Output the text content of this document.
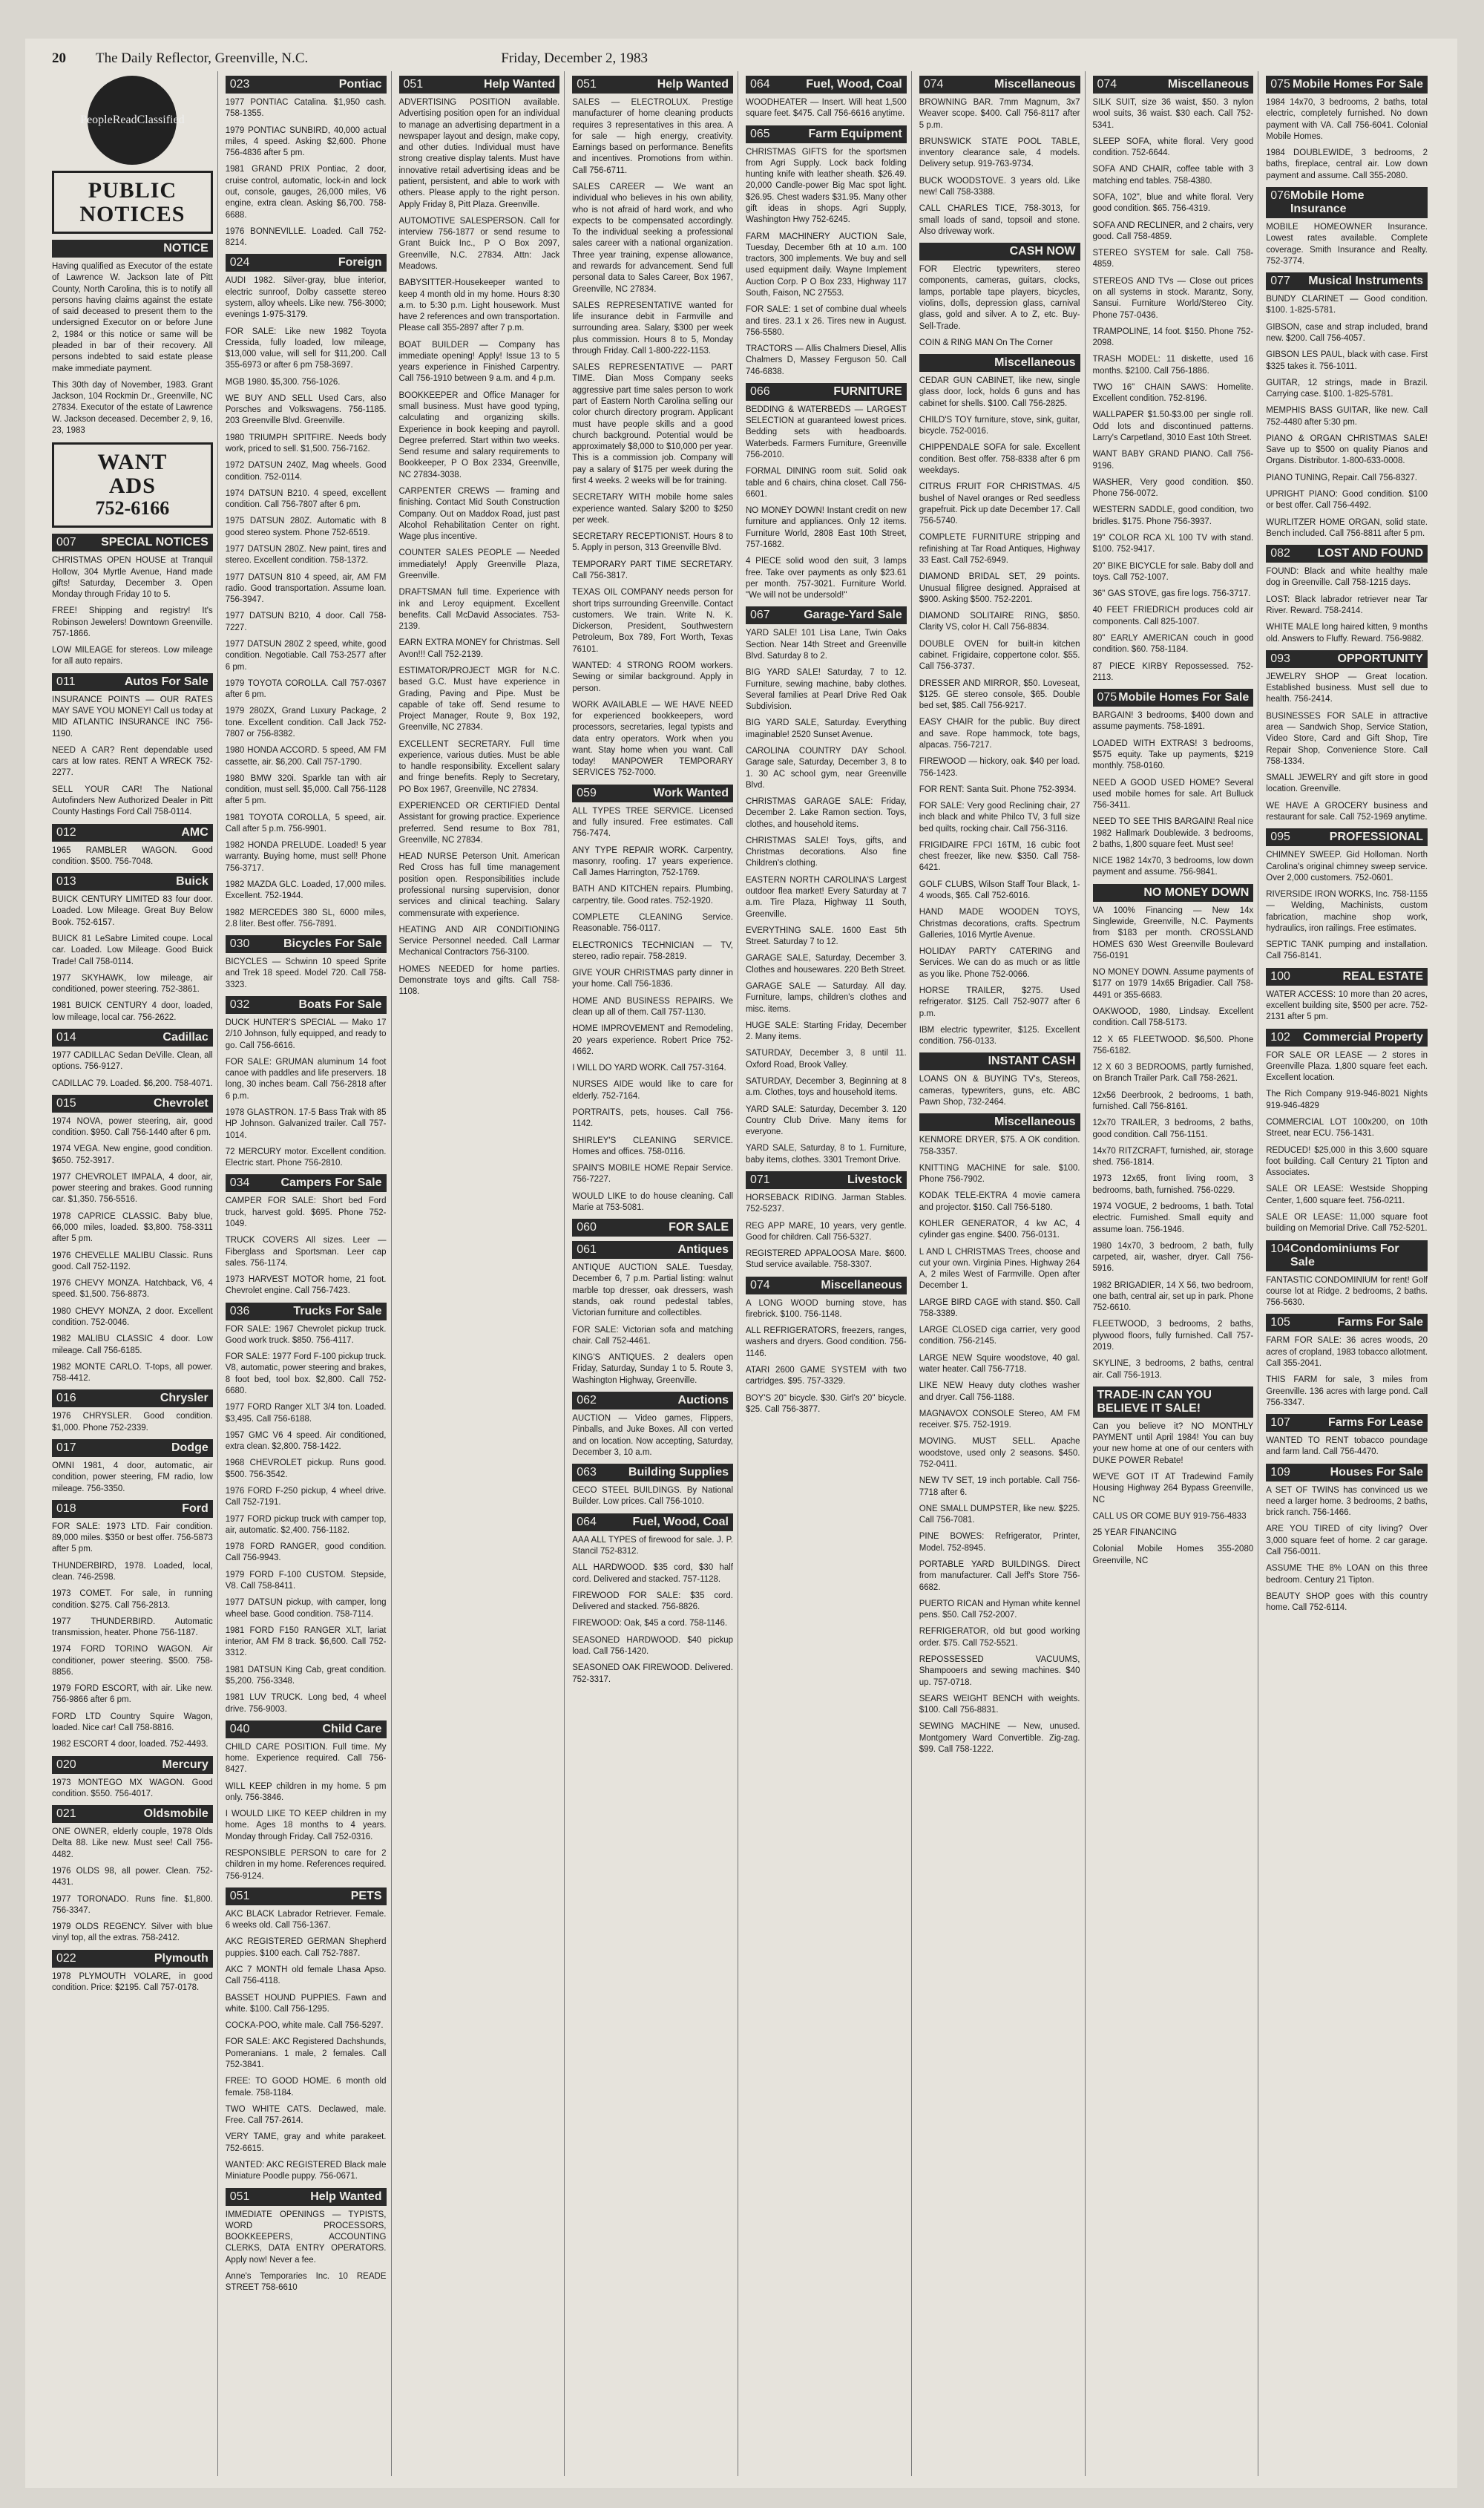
20 The Daily Reflector, Greenville, N.C.	Friday, December 2, 1983
People Read Classified
PUBLIC NOTICES
NOTICE

Having qualified as Executor of the estate of Lawrence W. Jackson late of Pitt County, North Carolina, this is to notify all persons having claims against the estate of said deceased to present them to the undersigned Executor on or before June 2, 1984 or this notice or same will be pleaded in bar of their recovery. All persons indebted to said estate please make immediate payment.

This 30th day of November, 1983. Grant Jackson, 104 Rockmin Dr., Greenville, NC 27834. Executor of the estate of Lawrence W. Jackson deceased. December 2, 9, 16, 23, 1983

WANT
ADS
752-6166
007 SPECIAL NOTICES

CHRISTMAS OPEN HOUSE at Tranquil Hollow, 304 Myrtle Avenue, Hand made gifts! Saturday, December 3. Open Monday through Friday 10 to 5.

FREE! Shipping and registry! It's Robinson Jewelers! Downtown Greenville. 757-1866.

LOW MILEAGE for stereos. Low mileage for all auto repairs.

011	Autos For Sale

INSURANCE POINTS — OUR RATES MAY SAVE YOU MONEY! Call us today at MID ATLANTIC INSURANCE INC 756-1190.

NEED A CAR? Rent dependable used cars at low rates. RENT A WRECK 752-2277.

SELL YOUR CAR! The National Autofinders New Authorized Dealer in Pitt County Hastings Ford Call 758-0114.

012	AMC

1965 RAMBLER WAGON. Good condition. $500. 756-7048.

013	Buick

BUICK CENTURY LIMITED 83 four door. Loaded. Low Mileage. Great Buy Below Book. 752-6157.

BUICK 81 LeSabre Limited coupe. Local car. Loaded. Low Mileage. Good Buick Trade! Call 758-0114.

1977 SKYHAWK, low mileage, air conditioned, power steering. 752-3861.

1981 BUICK CENTURY 4 door, loaded, low mileage, local car. 756-2622.

014	Cadillac

1977 CADILLAC Sedan DeVille. Clean, all options. 756-9127.

CADILLAC 79. Loaded. $6,200. 758-4071.

015	Chevrolet

1974 NOVA, power steering, air, good condition. $950. Call 756-1440 after 6 pm.

1974 VEGA. New engine, good condition. $650. 752-3917.

1977 CHEVROLET IMPALA, 4 door, air, power steering and brakes. Good running car. $1,350. 756-5516.

1978 CAPRICE CLASSIC. Baby blue, 66,000 miles, loaded. $3,800. 758-3311 after 5 pm.

1976 CHEVELLE MALIBU Classic. Runs good. Call 752-1192.

1976 CHEVY MONZA. Hatchback, V6, 4 speed. $1,500. 756-8873.

1980 CHEVY MONZA, 2 door. Excellent condition. 752-0046.

1982 MALIBU CLASSIC 4 door. Low mileage. Call 756-6185.

1982 MONTE CARLO. T-tops, all power. 758-4412.

016	Chrysler

1976 CHRYSLER. Good condition. $1,000. Phone 752-2339.

017	Dodge

OMNI 1981, 4 door, automatic, air condition, power steering, FM radio, low mileage. 756-3350.

018	Ford

FOR SALE: 1973 LTD. Fair condition. 89,000 miles. $350 or best offer. 756-5873 after 5 pm.

THUNDERBIRD, 1978. Loaded, local, clean. 746-2598.

1973 COMET. For sale, in running condition. $275. Call 756-2813.

1977 THUNDERBIRD. Automatic transmission, heater. Phone 756-1187.

1974 FORD TORINO WAGON. Air conditioner, power steering. $500. 758-8856.

1979 FORD ESCORT, with air. Like new. 756-9866 after 6 pm.

FORD LTD Country Squire Wagon, loaded. Nice car! Call 758-8816.

1982 ESCORT 4 door, loaded. 752-4493.

020	Mercury

1973 MONTEGO MX WAGON. Good condition. $550. 756-4017.

021	Oldsmobile

ONE OWNER, elderly couple, 1978 Olds Delta 88. Like new. Must see! Call 756-4482.

1976 OLDS 98, all power. Clean. 752-4431.

1977 TORONADO. Runs fine. $1,800. 756-3347.

1979 OLDS REGENCY. Silver with blue vinyl top, all the extras. 758-2412.

022	Plymouth

1978 PLYMOUTH VOLARE, in good condition. Price: $2195. Call 757-0178.

023	Pontiac

1977 PONTIAC Catalina. $1,950 cash. 758-1355.

1979 PONTIAC SUNBIRD, 40,000 actual miles, 4 speed. Asking $2,600. Phone 756-4836 after 5 pm.

1981 GRAND PRIX Pontiac, 2 door, cruise control, automatic, lock-in and lock out, console, gauges, 26,000 miles, V6 engine, extra clean. Asking $6,700. 758-6688.

1976 BONNEVILLE. Loaded. Call 752-8214.

024	Foreign

AUDI 1982. Silver-gray, blue interior, electric sunroof, Dolby cassette stereo system, alloy wheels. Like new. 756-3000; evenings 1-975-3179.

FOR SALE: Like new 1982 Toyota Cressida, fully loaded, low mileage, $13,000 value, will sell for $11,200. Call 355-6973 or after 6 pm 758-3697.

MGB 1980. $5,300. 756-1026.

WE BUY AND SELL Used Cars, also Porsches and Volkswagens. 756-1185. 203 Greenville Blvd. Greenville.

1980 TRIUMPH SPITFIRE. Needs body work, priced to sell. $1,500. 756-7162.

1972 DATSUN 240Z, Mag wheels. Good condition. 752-0114.

1974 DATSUN B210. 4 speed, excellent condition. Call 756-7807 after 6 pm.

1975 DATSUN 280Z. Automatic with 8 good stereo system. Phone 752-6519.

1977 DATSUN 280Z. New paint, tires and stereo. Excellent condition. 758-1372.

1977 DATSUN 810 4 speed, air, AM FM radio. Good transportation. Assume loan. 756-3947.

1977 DATSUN B210, 4 door. Call 758-7227.

1977 DATSUN 280Z 2 speed, white, good condition. Negotiable. Call 753-2577 after 6 pm.

1979 TOYOTA COROLLA. Call 757-0367 after 6 pm.

1979 280ZX, Grand Luxury Package, 2 tone. Excellent condition. Call Jack 752-7807 or 756-8382.

1980 HONDA ACCORD. 5 speed, AM FM cassette, air. $6,200. Call 757-1790.

1980 BMW 320i. Sparkle tan with air condition, must sell. $5,000. Call 756-1128 after 5 pm.

1981 TOYOTA COROLLA, 5 speed, air. Call after 5 p.m. 756-9901.

1982 HONDA PRELUDE. Loaded! 5 year warranty. Buying home, must sell! Phone 756-3717.

1982 MAZDA GLC. Loaded, 17,000 miles. Excellent. 752-1944.

1982 MERCEDES 380 SL, 6000 miles, 2.8 liter. Best offer. 756-7891.

030	Bicycles For Sale

BICYCLES — Schwinn 10 speed Sprite and Trek 18 speed. Model 720. Call 758-3323.

032	Boats For Sale

DUCK HUNTER'S SPECIAL — Mako 17 2/10 Johnson, fully equipped, and ready to go. Call 756-6616.

FOR SALE: GRUMAN aluminum 14 foot canoe with paddles and life preservers. 18 long, 30 inches beam. Call 756-2818 after 6 p.m.

1978 GLASTRON. 17-5 Bass Trak with 85 HP Johnson. Galvanized trailer. Call 757-1014.

72 MERCURY motor. Excellent condition. Electric start. Phone 756-2810.

034	Campers For Sale

CAMPER FOR SALE: Short bed Ford truck, harvest gold. $695. Phone 752-1049.

TRUCK COVERS All sizes. Leer — Fiberglass and Sportsman. Leer cap sales. 756-1174.

1973 HARVEST MOTOR home, 21 foot. Chevrolet engine. Call 756-7423.

036	Trucks For Sale

FOR SALE: 1967 Chevrolet pickup truck. Good work truck. $850. 756-4117.

FOR SALE: 1977 Ford F-100 pickup truck. V8, automatic, power steering and brakes, 8 foot bed, tool box. $2,800. Call 752-6680.

1977 FORD Ranger XLT 3/4 ton. Loaded. $3,495. Call 756-6188.

1957 GMC V6 4 speed. Air conditioned, extra clean. $2,800. 758-1422.

1968 CHEVROLET pickup. Runs good. $500. 756-3542.

1976 FORD F-250 pickup, 4 wheel drive. Call 752-7191.

1977 FORD pickup truck with camper top, air, automatic. $2,400. 756-1182.

1978 FORD RANGER, good condition. Call 756-9943.

1979 FORD F-100 CUSTOM. Stepside, V8. Call 758-8411.

1977 DATSUN pickup, with camper, long wheel base. Good condition. 758-7114.

1981 FORD F150 RANGER XLT, lariat interior, AM FM 8 track. $6,600. Call 752-3312.

1981 DATSUN King Cab, great condition. $5,200. 756-3348.

1981 LUV TRUCK. Long bed, 4 wheel drive. 756-9003.

040	Child Care

CHILD CARE POSITION. Full time. My home. Experience required. Call 756-8427.

WILL KEEP children in my home. 5 pm only. 756-3846.

I WOULD LIKE TO KEEP children in my home. Ages 18 months to 4 years. Monday through Friday. Call 752-0316.

RESPONSIBLE PERSON to care for 2 children in my home. References required. 756-9124.

051	PETS

AKC BLACK Labrador Retriever. Female. 6 weeks old. Call 756-1367.

AKC REGISTERED GERMAN Shepherd puppies. $100 each. Call 752-7887.

AKC 7 MONTH old female Lhasa Apso. Call 756-4118.

BASSET HOUND PUPPIES. Fawn and white. $100. Call 756-1295.

COCKA-POO, white male. Call 756-5297.

FOR SALE: AKC Registered Dachshunds, Pomeranians. 1 male, 2 females. Call 752-3841.

FREE: TO GOOD HOME. 6 month old female. 758-1184.

TWO WHITE CATS. Declawed, male. Free. Call 757-2614.

VERY TAME, gray and white parakeet. 752-6615.

WANTED: AKC REGISTERED Black male Miniature Poodle puppy. 756-0671.

051	Help Wanted

IMMEDIATE OPENINGS — TYPISTS, WORD PROCESSORS, BOOKKEEPERS, ACCOUNTING CLERKS, DATA ENTRY OPERATORS. Apply now! Never a fee.

Anne's Temporaries Inc. 10 READE STREET 758-6610

051	Help Wanted

ADVERTISING POSITION available. Advertising position open for an individual to manage an advertising department in a newspaper layout and design, make copy, and other duties. Individual must have strong creative display talents. Must have innovative retail advertising ideas and be patient, persistent, and able to work with others. Please apply to the right person. Apply Friday 8, Pitt Plaza. Greenville.

AUTOMOTIVE SALESPERSON. Call for interview 756-1877 or send resume to Grant Buick Inc., P O Box 2097, Greenville, N.C. 27834. Attn: Jack Meadows.

BABYSITTER-Housekeeper wanted to keep 4 month old in my home. Hours 8:30 a.m. to 5:30 p.m. Light housework. Must have 2 references and own transportation. Please call 355-2897 after 7 p.m.

BOAT BUILDER — Company has immediate opening! Apply! Issue 13 to 5 years experience in Finished Carpentry. Call 756-1910 between 9 a.m. and 4 p.m.

BOOKKEEPER and Office Manager for small business. Must have good typing, calculating and organizing skills. Experience in book keeping and payroll. Degree preferred. Start within two weeks. Send resume and salary requirements to Bookkeeper, P O Box 2334, Greenville, NC 27834-3038.

CARPENTER CREWS — framing and finishing. Contact Mid South Construction Company. Out on Maddox Road, just past Alcohol Rehabilitation Center on right. Wage plus incentive.

COUNTER SALES PEOPLE — Needed immediately! Apply Greenville Plaza, Greenville.

DRAFTSMAN full time. Experience with ink and Leroy equipment. Excellent benefits. Call McDavid Associates. 753-2139.

EARN EXTRA MONEY for Christmas. Sell Avon!!! Call 752-2139.

ESTIMATOR/PROJECT MGR for N.C. based G.C. Must have experience in Grading, Paving and Pipe. Must be capable of take off. Send resume to Project Manager, Route 9, Box 192, Greenville, NC 27834.

EXCELLENT SECRETARY. Full time experience, various duties. Must be able to handle responsibility. Excellent salary and fringe benefits. Reply to Secretary, PO Box 1967, Greenville, NC 27834.

EXPERIENCED OR CERTIFIED Dental Assistant for growing practice. Experience preferred. Send resume to Box 781, Greenville, NC 27834.

HEAD NURSE Peterson Unit. American Red Cross has full time management position open. Responsibilities include professional nursing supervision, donor services and clinical teaching. Salary commensurate with experience.

HEATING AND AIR CONDITIONING Service Personnel needed. Call Larmar Mechanical Contractors 756-3100.

HOMES NEEDED for home parties. Demonstrate toys and gifts. Call 758-1108.

051	Help Wanted

SALES — ELECTROLUX. Prestige manufacturer of home cleaning products requires 3 representatives in this area. A for sale — high energy, creativity. Earnings based on performance. Benefits and incentives. Promotions from within. Call 756-6711.

SALES CAREER — We want an individual who believes in his own ability, who is not afraid of hard work, and who expects to be compensated accordingly. To the individual seeking a professional sales career with a national organization. Three year training, expense allowance, and rewards for advancement. Send full personal data to Sales Career, Box 1967, Greenville, NC 27834.

SALES REPRESENTATIVE wanted for life insurance debit in Farmville and surrounding area. Salary, $300 per week plus commission. Hours 8 to 5, Monday through Friday. Call 1-800-222-1153.

SALES REPRESENTATIVE — PART TIME. Dian Moss Company seeks aggressive part time sales person to work part of Eastern North Carolina selling our color church directory program. Applicant must have people skills and a good church background. Potential would be approximately $8,000 to $10,000 per year. This is a commission job. Company will pay a salary of $175 per week during the first 4 weeks. 2 weeks will be for training.

SECRETARY WITH mobile home sales experience wanted. Salary $200 to $250 per week.

SECRETARY RECEPTIONIST. Hours 8 to 5. Apply in person, 313 Greenville Blvd.

TEMPORARY PART TIME SECRETARY. Call 756-3817.

TEXAS OIL COMPANY needs person for short trips surrounding Greenville. Contact customers. We train. Write N. K. Dickerson, President, Southwestern Petroleum, Box 789, Fort Worth, Texas 76101.

WANTED: 4 STRONG ROOM workers. Sewing or similar background. Apply in person.

WORK AVAILABLE — WE HAVE NEED for experienced bookkeepers, word processors, secretaries, legal typists and data entry operators. Work when you want. Stay home when you want. Call today! MANPOWER TEMPORARY SERVICES 752-7000.

059	Work Wanted

ALL TYPES TREE SERVICE. Licensed and fully insured. Free estimates. Call 756-7474.

ANY TYPE REPAIR WORK. Carpentry, masonry, roofing. 17 years experience. Call James Harrington, 752-1769.

BATH AND KITCHEN repairs. Plumbing, carpentry, tile. Good rates. 752-1920.

COMPLETE CLEANING Service. Reasonable. 756-0117.

ELECTRONICS TECHNICIAN — TV, stereo, radio repair. 758-2819.

GIVE YOUR CHRISTMAS party dinner in your home. Call 756-1836.

HOME AND BUSINESS REPAIRS. We clean up all of them. Call 757-1130.

HOME IMPROVEMENT and Remodeling, 20 years experience. Robert Price 752-4662.

I WILL DO YARD WORK. Call 757-3164.

NURSES AIDE would like to care for elderly. 752-7164.

PORTRAITS, pets, houses. Call 756-1142.

SHIRLEY'S CLEANING SERVICE. Homes and offices. 758-0116.

SPAIN'S MOBILE HOME Repair Service. 756-7227.

WOULD LIKE to do house cleaning. Call Marie at 753-5081.

060	FOR SALE
061	Antiques

ANTIQUE AUCTION SALE. Tuesday, December 6, 7 p.m. Partial listing: walnut marble top dresser, oak dressers, wash stands, oak round pedestal tables, Victorian furniture and collectibles.

FOR SALE: Victorian sofa and matching chair. Call 752-4461.

KING'S ANTIQUES. 2 dealers open Friday, Saturday, Sunday 1 to 5. Route 3, Washington Highway, Greenville.

062	Auctions

AUCTION — Video games, Flippers, Pinballs, and Juke Boxes. All con verted and on location. Now accepting, Saturday, December 3, 10 a.m.

063	Building Supplies

CECO STEEL BUILDINGS. By National Builder. Low prices. Call 756-1010.

064	Fuel, Wood, Coal

AAA ALL TYPES of firewood for sale. J. P. Stancil 752-8312.

ALL HARDWOOD. $35 cord, $30 half cord. Delivered and stacked. 757-1128.

FIREWOOD FOR SALE: $35 cord. Delivered and stacked. 756-8826.

FIREWOOD: Oak, $45 a cord. 758-1146.

SEASONED HARDWOOD. $40 pickup load. Call 756-1420.

SEASONED OAK FIREWOOD. Delivered. 752-3317.

064	Fuel, Wood, Coal

WOODHEATER — Insert. Will heat 1,500 square feet. $475. Call 756-6616 anytime.

065	Farm Equipment

CHRISTMAS GIFTS for the sportsmen from Agri Supply. Lock back folding hunting knife with leather sheath. $26.49. 20,000 Candle-power Big Mac spot light. $26.95. Chest waders $31.95. Many other gift ideas in shops. Agri Supply, Washington Hwy 752-6245.

FARM MACHINERY AUCTION Sale, Tuesday, December 6th at 10 a.m. 100 tractors, 300 implements. We buy and sell used equipment daily. Wayne Implement Auction Corp. P O Box 233, Highway 117 South, Faison, NC 27553.

FOR SALE: 1 set of combine dual wheels and tires. 23.1 x 26. Tires new in August. 756-5580.

TRACTORS — Allis Chalmers Diesel, Allis Chalmers D, Massey Ferguson 50. Call 746-6838.

066	FURNITURE

BEDDING & WATERBEDS — LARGEST SELECTION at guaranteed lowest prices. Bedding sets with headboards. Waterbeds. Farmers Furniture, Greenville 756-2010.

FORMAL DINING room suit. Solid oak table and 6 chairs, china closet. Call 756-6601.

NO MONEY DOWN! Instant credit on new furniture and appliances. Only 12 items. Furniture World, 2808 East 10th Street, 757-1682.

4 PIECE solid wood den suit, 3 lamps free. Take over payments as only $23.61 per month. 757-3021. Furniture World. "We will not be undersold!"

067	Garage-Yard Sale

YARD SALE! 101 Lisa Lane, Twin Oaks Section. Near 14th Street and Greenville Blvd. Saturday 8 to 2.

BIG YARD SALE! Saturday, 7 to 12. Furniture, sewing machine, baby clothes. Several families at Pearl Drive Red Oak Subdivision.

BIG YARD SALE, Saturday. Everything imaginable! 2520 Sunset Avenue.

CAROLINA COUNTRY DAY School. Garage sale, Saturday, December 3, 8 to 1. 30 AC school gym, near Greenville Blvd.

CHRISTMAS GARAGE SALE: Friday, December 2. Lake Ramon section. Toys, clothes, and household items.

CHRISTMAS SALE! Toys, gifts, and Christmas decorations. Also fine Children's clothing.

EASTERN NORTH CAROLINA'S Largest outdoor flea market! Every Saturday at 7 a.m. Tire Plaza, Highway 11 South, Greenville.

EVERYTHING SALE. 1600 East 5th Street. Saturday 7 to 12.

GARAGE SALE, Saturday, December 3. Clothes and housewares. 220 Beth Street.

GARAGE SALE — Saturday. All day. Furniture, lamps, children's clothes and misc. items.

HUGE SALE: Starting Friday, December 2. Many items.

SATURDAY, December 3, 8 until 11. Oxford Road, Brook Valley.

SATURDAY, December 3, Beginning at 8 a.m. Clothes, toys and household items.

YARD SALE: Saturday, December 3. 120 Country Club Drive. Many items for everyone.

YARD SALE, Saturday, 8 to 1. Furniture, baby items, clothes. 3301 Tremont Drive.

071	Livestock

HORSEBACK RIDING. Jarman Stables. 752-5237.

REG APP MARE, 10 years, very gentle. Good for children. Call 756-5327.

REGISTERED APPALOOSA Mare. $600. Stud service available. 758-3307.

074	Miscellaneous

A LONG WOOD burning stove, has firebrick. $100. 756-1148.

ALL REFRIGERATORS, freezers, ranges, washers and dryers. Good condition. 756-1146.

ATARI 2600 GAME SYSTEM with two cartridges. $95. 757-3329.

BOY'S 20" bicycle. $30. Girl's 20" bicycle. $25. Call 756-3877.

074	Miscellaneous

BROWNING BAR. 7mm Magnum, 3x7 Weaver scope. $400. Call 756-8117 after 5 p.m.

BRUNSWICK STATE POOL TABLE, inventory clearance sale, 4 models. Delivery setup. 919-763-9734.

BUCK WOODSTOVE. 3 years old. Like new! Call 758-3388.

CALL CHARLES TICE, 758-3013, for small loads of sand, topsoil and stone. Also driveway work.

CASH NOW

FOR Electric typewriters, stereo components, cameras, guitars, clocks, lamps, portable tape players, bicycles, violins, dolls, depression glass, carnival glass, gold and silver. A to Z, etc. Buy-Sell-Trade.

COIN & RING MAN On The Corner

Miscellaneous

CEDAR GUN CABINET, like new, single glass door, lock, holds 6 guns and has cabinet for shells. $100. Call 756-2825.

CHILD'S TOY furniture, stove, sink, guitar, bicycle. 752-0016.

CHIPPENDALE SOFA for sale. Excellent condition. Best offer. 758-8338 after 6 pm weekdays.

CITRUS FRUIT FOR CHRISTMAS. 4/5 bushel of Navel oranges or Red seedless grapefruit. Pick up date December 17. Call 756-5740.

COMPLETE FURNITURE stripping and refinishing at Tar Road Antiques, Highway 33 East. Call 752-6949.

DIAMOND BRIDAL SET, 29 points. Unusual filigree designed. Appraised at $900. Asking $500. 752-2201.

DIAMOND SOLITAIRE RING, $850. Clarity VS, color H. Call 756-8834.

DOUBLE OVEN for built-in kitchen cabinet. Frigidaire, coppertone color. $55. Call 756-3737.

DRESSER AND MIRROR, $50. Loveseat, $125. GE stereo console, $65. Double bed set, $85. Call 756-9217.

EASY CHAIR for the public. Buy direct and save. Rope hammock, tote bags, alpacas. 756-7217.

FIREWOOD — hickory, oak. $40 per load. 756-1423.

FOR RENT: Santa Suit. Phone 752-3934.

FOR SALE: Very good Reclining chair, 27 inch black and white Philco TV, 3 full size bed quilts, rocking chair. Call 756-3116.

FRIGIDAIRE FPCI 16TM, 16 cubic foot chest freezer, like new. $350. Call 758-6421.

GOLF CLUBS, Wilson Staff Tour Black, 1-4 woods, $65. Call 752-6016.

HAND MADE WOODEN TOYS, Christmas decorations, crafts. Spectrum Galleries, 1016 Myrtle Avenue.

HOLIDAY PARTY CATERING and Services. We can do as much or as little as you like. Phone 752-0066.

HORSE TRAILER, $275. Used refrigerator. $125. Call 752-9077 after 6 p.m.

IBM electric typewriter, $125. Excellent condition. 756-0133.

INSTANT CASH

LOANS ON & BUYING TV's, Stereos, cameras, typewriters, guns, etc. ABC Pawn Shop, 732-2464.

Miscellaneous

KENMORE DRYER, $75. A OK condition. 758-3357.

KNITTING MACHINE for sale. $100. Phone 756-7902.

KODAK TELE-EKTRA 4 movie camera and projector. $150. Call 756-5180.

KOHLER GENERATOR, 4 kw AC, 4 cylinder gas engine. $400. 756-0131.

L AND L CHRISTMAS Trees, choose and cut your own. Virginia Pines. Highway 264 A, 2 miles West of Farmville. Open after December 1.

LARGE BIRD CAGE with stand. $50. Call 758-3389.

LARGE CLOSED ciga carrier, very good condition. 756-2145.

LARGE NEW Squire woodstove, 40 gal. water heater. Call 756-7718.

LIKE NEW Heavy duty clothes washer and dryer. Call 756-1188.

MAGNAVOX CONSOLE Stereo, AM FM receiver. $75. 752-1919.

MOVING. MUST SELL. Apache woodstove, used only 2 seasons. $450. 752-0411.

NEW TV SET, 19 inch portable. Call 756-7718 after 6.

ONE SMALL DUMPSTER, like new. $225. Call 756-7081.

PINE BOWES: Refrigerator, Printer, Model. 752-8945.

PORTABLE YARD BUILDINGS. Direct from manufacturer. Call Jeff's Store 756-6682.

PUERTO RICAN and Hyman white kennel pens. $50. Call 752-2007.

REFRIGERATOR, old but good working order. $75. Call 752-5521.

REPOSSESSED VACUUMS, Shampooers and sewing machines. $40 up. 757-0718.

SEARS WEIGHT BENCH with weights. $100. Call 756-8831.

SEWING MACHINE — New, unused. Montgomery Ward Convertible. Zig-zag. $99. Call 758-1222.

074	Miscellaneous

SILK SUIT, size 36 waist, $50. 3 nylon wool suits, 36 waist. $30 each. Call 752-5341.

SLEEP SOFA, white floral. Very good condition. 752-6644.

SOFA AND CHAIR, coffee table with 3 matching end tables. 758-4380.

SOFA, 102", blue and white floral. Very good condition. $65. 756-4319.

SOFA AND RECLINER, and 2 chairs, very good. Call 758-4859.

STEREO SYSTEM for sale. Call 758-4859.

STEREOS AND TVs — Close out prices on all systems in stock. Marantz, Sony, Sansui. Furniture World/Stereo City. Phone 757-0436.

TRAMPOLINE, 14 foot. $150. Phone 752-2098.

TRASH MODEL: 11 diskette, used 16 months. $2100. Call 756-1886.

TWO 16" CHAIN SAWS: Homelite. Excellent condition. 752-8196.

WALLPAPER $1.50-$3.00 per single roll. Odd lots and discontinued patterns. Larry's Carpetland, 3010 East 10th Street.

WANT BABY GRAND PIANO. Call 756-9196.

WASHER, Very good condition. $50. Phone 756-0072.

WESTERN SADDLE, good condition, two bridles. $175. Phone 756-3937.

19" COLOR RCA XL 100 TV with stand. $100. 752-9417.

20" BIKE BICYCLE for sale. Baby doll and toys. Call 752-1007.

36" GAS STOVE, gas fire logs. 756-3717.

40 FEET FRIEDRICH produces cold air components. Call 825-1007.

80" EARLY AMERICAN couch in good condition. $60. 758-1184.

87 PIECE KIRBY Repossessed. 752-2113.

075 Mobile Homes For Sale

BARGAIN! 3 bedrooms, $400 down and assume payments. 758-1891.

LOADED WITH EXTRAS! 3 bedrooms, $575 equity. Take up payments, $219 monthly. 758-0160.

NEED A GOOD USED HOME? Several used mobile homes for sale. Art Bulluck 756-3411.

NEED TO SEE THIS BARGAIN! Real nice 1982 Hallmark Doublewide. 3 bedrooms, 2 baths, 1,800 square feet. Must see!

NICE 1982 14x70, 3 bedrooms, low down payment and assume. 756-9841.

NO MONEY DOWN

VA 100% Financing — New 14x Singlewide, Greenville, N.C. Payments from $183 per month. CROSSLAND HOMES 630 West Greenville Boulevard 756-0191

NO MONEY DOWN. Assume payments of $177 on 1979 14x65 Brigadier. Call 758-4491 or 355-6683.

OAKWOOD, 1980, Lindsay. Excellent condition. Call 758-5173.

12 X 65 FLEETWOOD. $6,500. Phone 756-6182.

12 X 60 3 BEDROOMS, partly furnished, on Branch Trailer Park. Call 758-2621.

12x56 Deerbrook, 2 bedrooms, 1 bath, furnished. Call 756-8161.

12x70 TRAILER, 3 bedrooms, 2 baths, good condition. Call 756-1151.

14x70 RITZCRAFT, furnished, air, storage shed. 756-1814.

1973 12x65, front living room, 3 bedrooms, bath, furnished. 756-0229.

1974 VOGUE, 2 bedrooms, 1 bath. Total electric. Furnished. Small equity and assume loan. 756-1946.

1980 14x70, 3 bedroom, 2 bath, fully carpeted, air, washer, dryer. Call 756-5916.

1982 BRIGADIER, 14 X 56, two bedroom, one bath, central air, set up in park. Phone 752-6610.

FLEETWOOD, 3 bedrooms, 2 baths, plywood floors, fully furnished. Call 757-2019.

SKYLINE, 3 bedrooms, 2 baths, central air. Call 756-1913.

TRADE-IN CAN YOU BELIEVE IT SALE!

Can you believe it? NO MONTHLY PAYMENT until April 1984! You can buy your new home at one of our centers with DUKE POWER Rebate!

WE'VE GOT IT AT Tradewind Family Housing Highway 264 Bypass Greenville, NC

CALL US OR COME BUY 919-756-4833

25 YEAR FINANCING

Colonial Mobile Homes 355-2080 Greenville, NC

075 Mobile Homes For Sale

1984 14x70, 3 bedrooms, 2 baths, total electric, completely furnished. No down payment with VA. Call 756-6041. Colonial Mobile Homes.

1984 DOUBLEWIDE, 3 bedrooms, 2 baths, fireplace, central air. Low down payment and assume. Call 355-2080.

076 Mobile Home Insurance

MOBILE HOMEOWNER Insurance. Lowest rates available. Complete coverage. Smith Insurance and Realty. 752-3774.

077 Musical Instruments

BUNDY CLARINET — Good condition. $100. 1-825-5781.

GIBSON, case and strap included, brand new. $200. Call 756-4057.

GIBSON LES PAUL, black with case. First $325 takes it. 756-1011.

GUITAR, 12 strings, made in Brazil. Carrying case. $100. 1-825-5781.

MEMPHIS BASS GUITAR, like new. Call 752-4480 after 5:30 pm.

PIANO & ORGAN CHRISTMAS SALE! Save up to $500 on quality Pianos and Organs. Distributor. 1-800-633-0008.

PIANO TUNING, Repair. Call 756-8327.

UPRIGHT PIANO: Good condition. $100 or best offer. Call 756-4492.

WURLITZER HOME ORGAN, solid state. Bench included. Call 756-8811 after 5 pm.

082 LOST AND FOUND

FOUND: Black and white healthy male dog in Greenville. Call 758-1215 days.

LOST: Black labrador retriever near Tar River. Reward. 758-2414.

WHITE MALE long haired kitten, 9 months old. Answers to Fluffy. Reward. 756-9882.

093	OPPORTUNITY

JEWELRY SHOP — Great location. Established business. Must sell due to health. 756-2414.

BUSINESSES FOR SALE in attractive area — Sandwich Shop, Service Station, Video Store, Card and Gift Shop, Tire Repair Shop, Convenience Store. Call 758-1334.

SMALL JEWELRY and gift store in good location. Greenville.

WE HAVE A GROCERY business and restaurant for sale. Call 752-1969 anytime.

095	PROFESSIONAL

CHIMNEY SWEEP. Gid Holloman. North Carolina's original chimney sweep service. Over 2,000 customers. 752-0601.

RIVERSIDE IRON WORKS, Inc. 758-1155 — Welding, Machinists, custom fabrication, machine shop work, hydraulics, iron railings. Free estimates.

SEPTIC TANK pumping and installation. Call 756-8141.

100	REAL ESTATE

WATER ACCESS: 10 more than 20 acres, excellent building site, $500 per acre. 752-2131 after 5 pm.

102 Commercial Property

FOR SALE OR LEASE — 2 stores in Greenville Plaza. 1,800 square feet each. Excellent location.

The Rich Company 919-946-8021 Nights 919-946-4829

COMMERCIAL LOT 100x200, on 10th Street, near ECU. 756-1431.

REDUCED! $25,000 in this 3,600 square foot building. Call Century 21 Tipton and Associates.

SALE OR LEASE: Westside Shopping Center, 1,600 square feet. 756-0211.

SALE OR LEASE: 11,000 square foot building on Memorial Drive. Call 752-5201.

104 Condominiums For Sale

FANTASTIC CONDOMINIUM for rent! Golf course lot at Ridge. 2 bedrooms, 2 baths. 756-5630.

105	Farms For Sale

FARM FOR SALE: 36 acres woods, 20 acres of cropland, 1983 tobacco allotment. Call 355-2041.

THIS FARM for sale, 3 miles from Greenville. 136 acres with large pond. Call 756-3347.

107	Farms For Lease

WANTED TO RENT tobacco poundage and farm land. Call 756-4470.

109	Houses For Sale

A SET OF TWINS has convinced us we need a larger home. 3 bedrooms, 2 baths, brick ranch. 756-1466.

ARE YOU TIRED of city living? Over 3,000 square feet of home. 2 car garage. Call 756-0011.

ASSUME THE 8% LOAN on this three bedroom. Century 21 Tipton.

BEAUTY SHOP goes with this country home. Call 752-6114.
